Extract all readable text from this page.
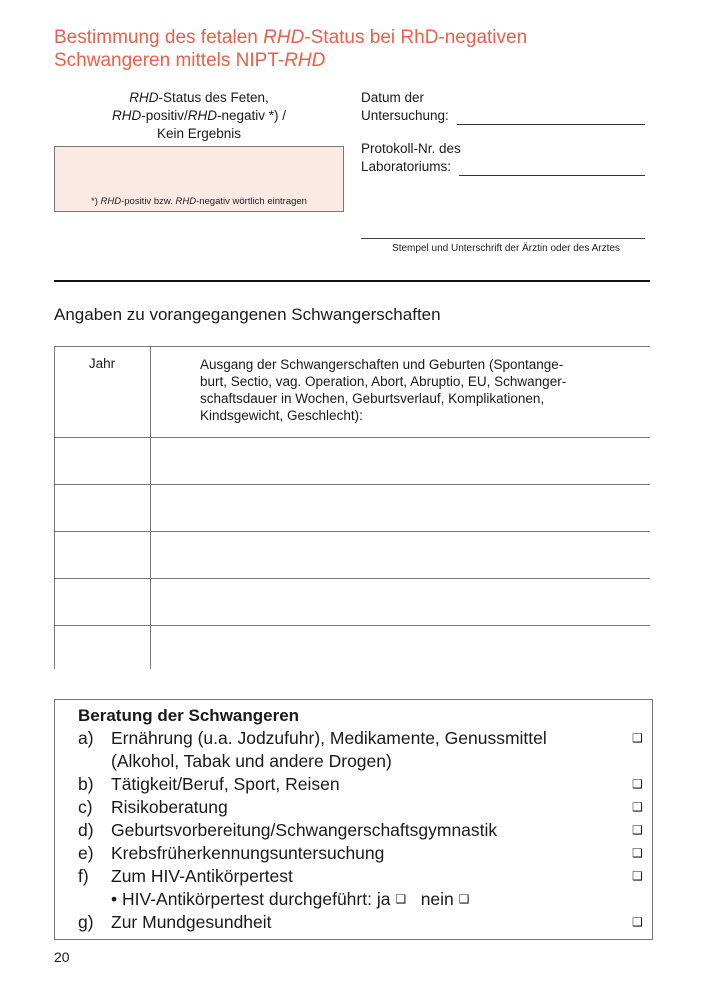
Bestimmung des fetalen RHD-Status bei RhD-negativen
Schwangeren mittels NIPT-RHD
RHD-Status des Feten,
RHD-positiv/RHD-negativ *) /
Kein Ergebnis
*) RHD-positiv bzw. RHD-negativ wörtlich eintragen
Datum der
Untersuchung:
Protokoll-Nr. des
Laboratoriums:
Stempel und Unterschrift der Ärztin oder des Arztes
Angaben zu vorangegangenen Schwangerschaften
Jahr	Ausgang der Schwangerschaften und Geburten (Spontange-
burt, Sectio, vag. Operation, Abort, Abruptio, EU, Schwanger-
schaftsdauer in Wochen, Geburtsverlauf, Komplikationen,
Kindsgewicht, Geschlecht):
Beratung der Schwangeren
a) Ernährung (u.a. Jodzufuhr), Medikamente, Genussmittel	❑
(Alkohol, Tabak und andere Drogen)
b) Tätigkeit/Beruf, Sport, Reisen	❑
c) Risikoberatung	❑
d) Geburtsvorbereitung/Schwangerschaftsgymnastik	❑
e) Krebsfrüherkennungsuntersuchung	❑
f) Zum HIV-Antikörpertest	❑
• HIV-Antikörpertest durchgeführt: ja ❑ nein ❑
g) Zur Mundgesundheit	❑
20
